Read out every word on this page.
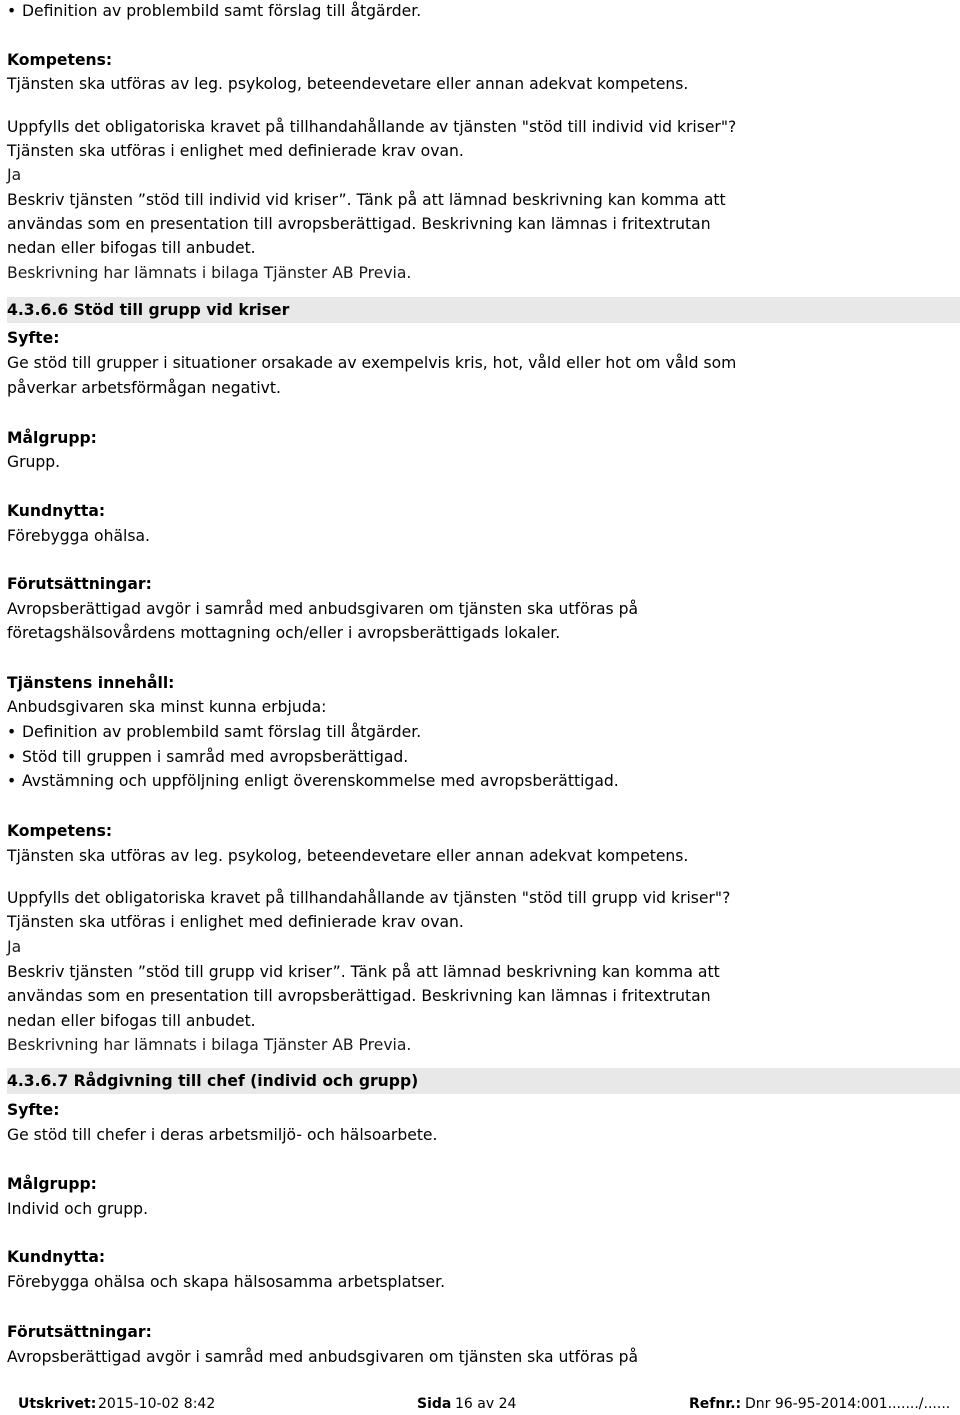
• Definition av problembild samt förslag till åtgärder.
Kompetens:
Tjänsten ska utföras av leg. psykolog, beteendevetare eller annan adekvat kompetens.
Uppfylls det obligatoriska kravet på tillhandahållande av tjänsten "stöd till individ vid kriser"?
Tjänsten ska utföras i enlighet med definierade krav ovan.
Ja
Beskriv tjänsten ”stöd till individ vid kriser”. Tänk på att lämnad beskrivning kan komma att
användas som en presentation till avropsberättigad. Beskrivning kan lämnas i fritextrutan
nedan eller bifogas till anbudet.
Beskrivning har lämnats i bilaga Tjänster AB Previa.
4.3.6.6 Stöd till grupp vid kriser
Syfte:
Ge stöd till grupper i situationer orsakade av exempelvis kris, hot, våld eller hot om våld som
påverkar arbetsförmågan negativt.
Målgrupp:
Grupp.
Kundnytta:
Förebygga ohälsa.
Förutsättningar:
Avropsberättigad avgör i samråd med anbudsgivaren om tjänsten ska utföras på
företagshälsovårdens mottagning och/eller i avropsberättigads lokaler.
Tjänstens innehåll:
Anbudsgivaren ska minst kunna erbjuda:
• Definition av problembild samt förslag till åtgärder.
• Stöd till gruppen i samråd med avropsberättigad.
• Avstämning och uppföljning enligt överenskommelse med avropsberättigad.
Kompetens:
Tjänsten ska utföras av leg. psykolog, beteendevetare eller annan adekvat kompetens.
Uppfylls det obligatoriska kravet på tillhandahållande av tjänsten "stöd till grupp vid kriser"?
Tjänsten ska utföras i enlighet med definierade krav ovan.
Ja
Beskriv tjänsten ”stöd till grupp vid kriser”. Tänk på att lämnad beskrivning kan komma att
användas som en presentation till avropsberättigad. Beskrivning kan lämnas i fritextrutan
nedan eller bifogas till anbudet.
Beskrivning har lämnats i bilaga Tjänster AB Previa.
4.3.6.7 Rådgivning till chef (individ och grupp)
Syfte:
Ge stöd till chefer i deras arbetsmiljö- och hälsoarbete.
Målgrupp:
Individ och grupp.
Kundnytta:
Förebygga ohälsa och skapa hälsosamma arbetsplatser.
Förutsättningar:
Avropsberättigad avgör i samråd med anbudsgivaren om tjänsten ska utföras på
Utskrivet: 2015-10-02 8:42	Sida 16 av 24	Refnr.: Dnr 96-95-2014:001......./......
